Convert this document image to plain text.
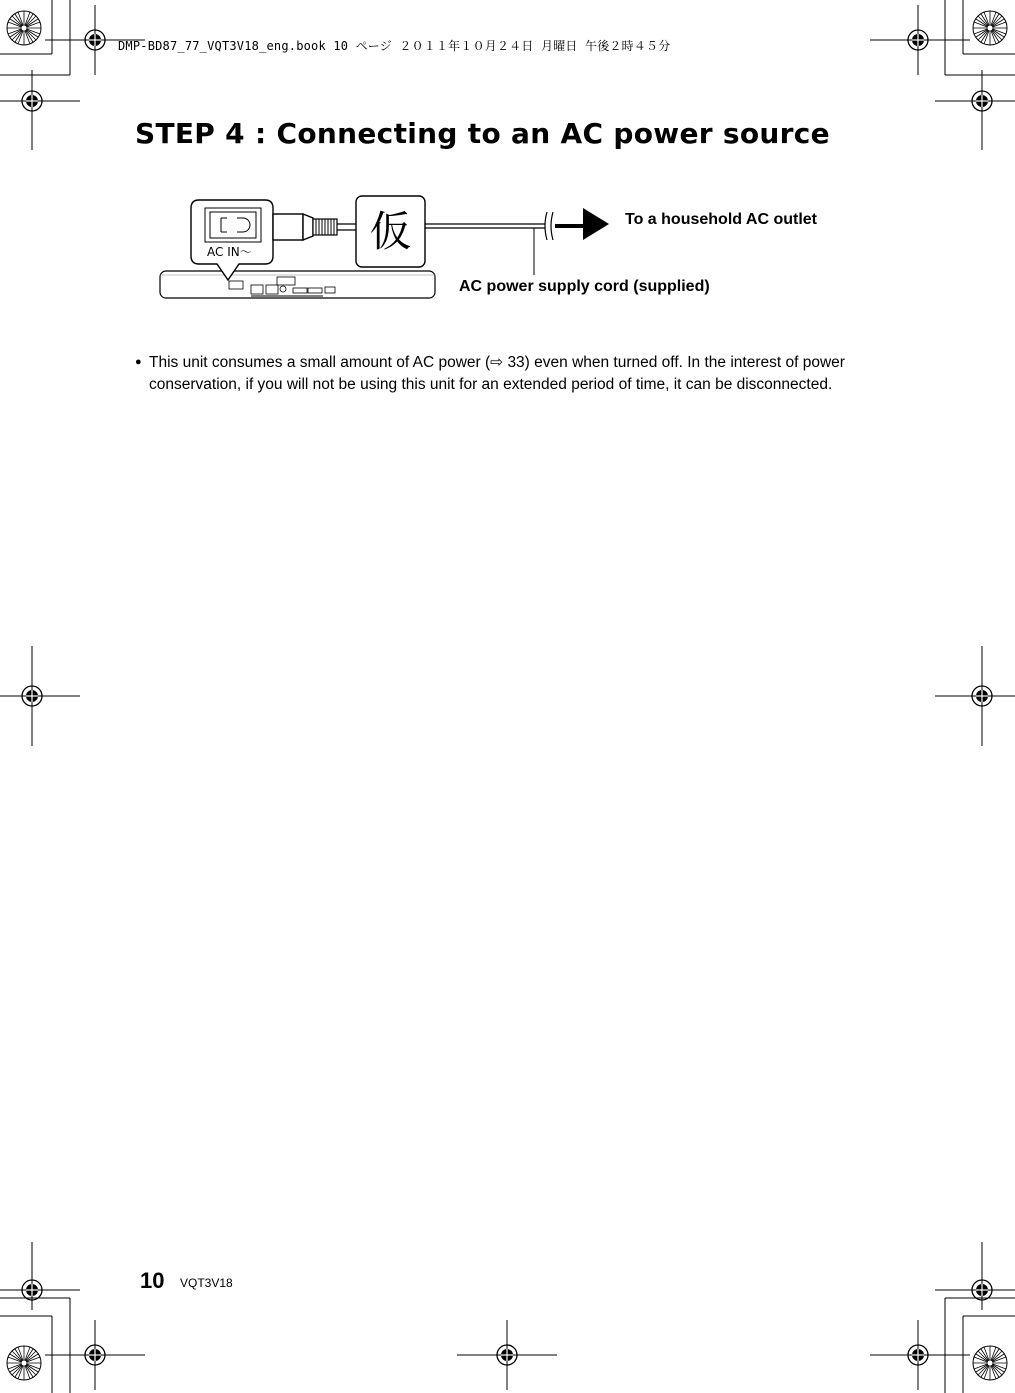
DMP-BD87_77_VQT3V18_eng.book 10 ページ ２０１１年１０月２４日 月曜日 午後２時４５分
STEP 4 : Connecting to an AC power source
AC IN～	仮	To a household AC outlet
AC power supply cord (supplied)
● This unit consumes a small amount of AC power (⇨ 33) even when turned off. In the interest of power conservation, if you will not be using this unit for an extended period of time, it can be disconnected.
10 VQT3V18
